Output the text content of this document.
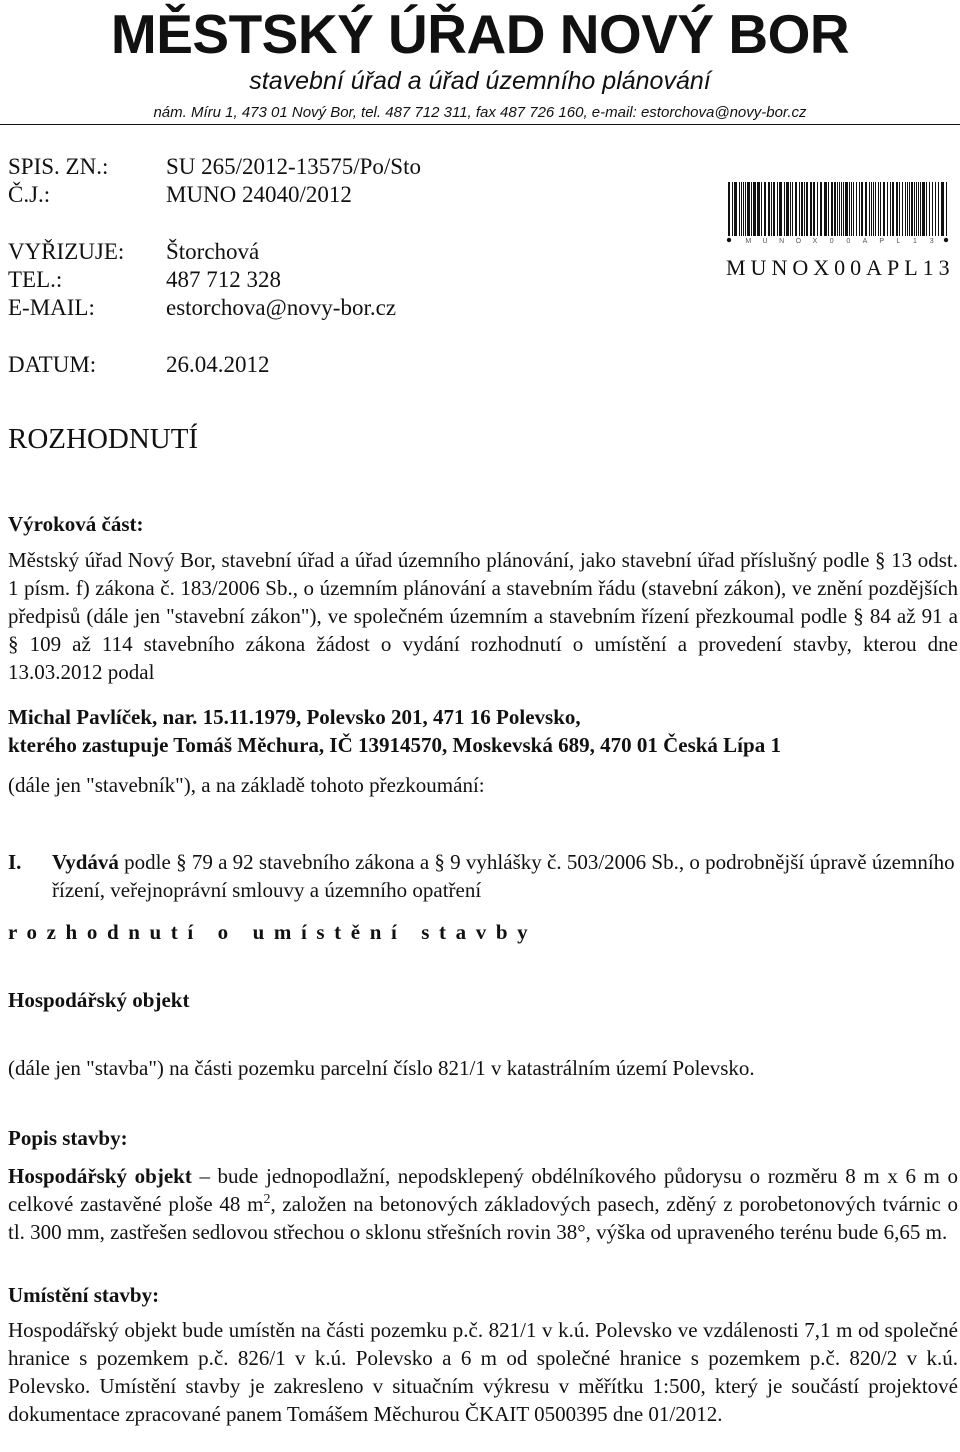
MĚSTSKÝ ÚŘAD NOVÝ BOR
stavební úřad a úřad územního plánování
nám. Míru 1, 473 01 Nový Bor, tel. 487 712 311, fax 487 726 160, e-mail: estorchova@novy-bor.cz
SPIS. ZN.:	SU 265/2012-13575/Po/Sto
Č.J.:	MUNO 24040/2012
VYŘIZUJE: Štorchová
TEL.:	487 712 328
E-MAIL:	estorchova@novy-bor.cz
DATUM:	26.04.2012
M U N O X 0 0 A P L 1 3
MUNOX00APL13
ROZHODNUTÍ
Výroková část:

Městský úřad Nový Bor, stavební úřad a úřad územního plánování, jako stavební úřad příslušný podle § 13 odst. 1 písm. f) zákona č. 183/2006 Sb., o územním plánování a stavebním řádu (stavební zákon), ve znění pozdějších předpisů (dále jen "stavební zákon"), ve společném územním a stavebním řízení přezkoumal podle § 84 až 91 a § 109 až 114 stavebního zákona žádost o vydání rozhodnutí o umístění a provedení stavby, kterou dne 13.03.2012 podal

Michal Pavlíček, nar. 15.11.1979, Polevsko 201, 471 16 Polevsko,
kterého zastupuje Tomáš Měchura, IČ 13914570, Moskevská 689, 470 01 Česká Lípa 1
(dále jen "stavebník"), a na základě tohoto přezkoumání:
I. Vydává podle § 79 a 92 stavebního zákona a § 9 vyhlášky č. 503/2006 Sb., o podrobnější úpravě územního řízení, veřejnoprávní smlouvy a územního opatření
rozhodnutí o umístění stavby
Hospodářský objekt
(dále jen "stavba") na části pozemku parcelní číslo 821/1 v katastrálním území Polevsko.
Popis stavby:

Hospodářský objekt – bude jednopodlažní, nepodsklepený obdélníkového půdorysu o rozměru 8 m x 6 m o celkové zastavěné ploše 48 $m^2$, založen na betonových základových pasech, zděný z porobetonových tvárnic o tl. 300 mm, zastřešen sedlovou střechou o sklonu střešních rovin 38°, výška od upraveného terénu bude 6,65 m.

Umístění stavby:
Hospodářský objekt bude umístěn na části pozemku p.č. 821/1 v k.ú. Polevsko ve vzdálenosti 7,1 m od společné hranice s pozemkem p.č. 826/1 v k.ú. Polevsko a 6 m od společné hranice s pozemkem p.č. 820/2 v k.ú. Polevsko. Umístění stavby je zakresleno v situačním výkresu v měřítku 1:500, který je součástí projektové dokumentace zpracované panem Tomášem Měchurou ČKAIT 0500395 dne 01/2012.
